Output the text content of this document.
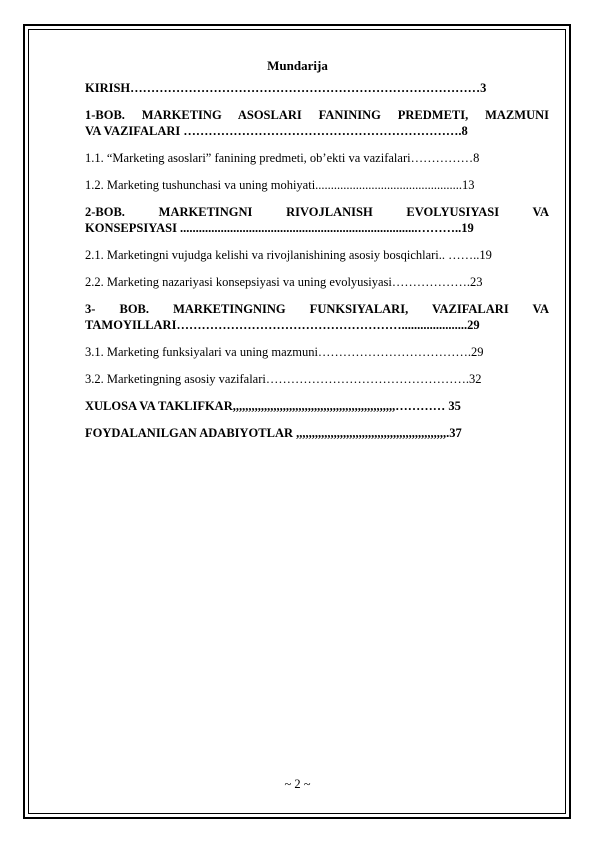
Mundarija
KIRISH…………………………………………………………………………3
1-BOB. MARKETING ASOSLARI FANINING PREDMETI, MAZMUNI
VA VAZIFALARI ………………………………………………………….8
1.1. “Marketing asoslari” fanining predmeti, ob’ekti va vazifalari……………8
1.2. Marketing tushunchasi va uning mohiyati...............................................13
2-BOB. MARKETINGNI RIVOJLANISH EVOLYUSIYASI VA
KONSEPSIYASI ............................................................................………..19
2.1. Marketingni vujudga kelishi va rivojlanishining asosiy bosqichlari.. ……..19
2.2. Marketing nazariyasi konsepsiyasi va uning evolyusiyasi……………….23
3- BOB. MARKETINGNING FUNKSIYALARI, VAZIFALARI VA
TAMOYILLARI……………………………………………….....................29
3.1. Marketing funksiyalari va uning mazmuni……………………………….29
3.2. Marketingning asosiy vazifalari………………………………………….32
XULOSA VA TAKLIFKAR,,,,,,,,,,,,,,,,,,,,,,,,,,,,,,,,,,,,,,,,,,,,,,,,,,,,………… 35
FOYDALANILGAN ADABIYOTLAR ,,,,,,,,,,,,,,,,,,,,,,,,,,,,,,,,,,,,,,,,,,,,,,,,.37
~ 2 ~
